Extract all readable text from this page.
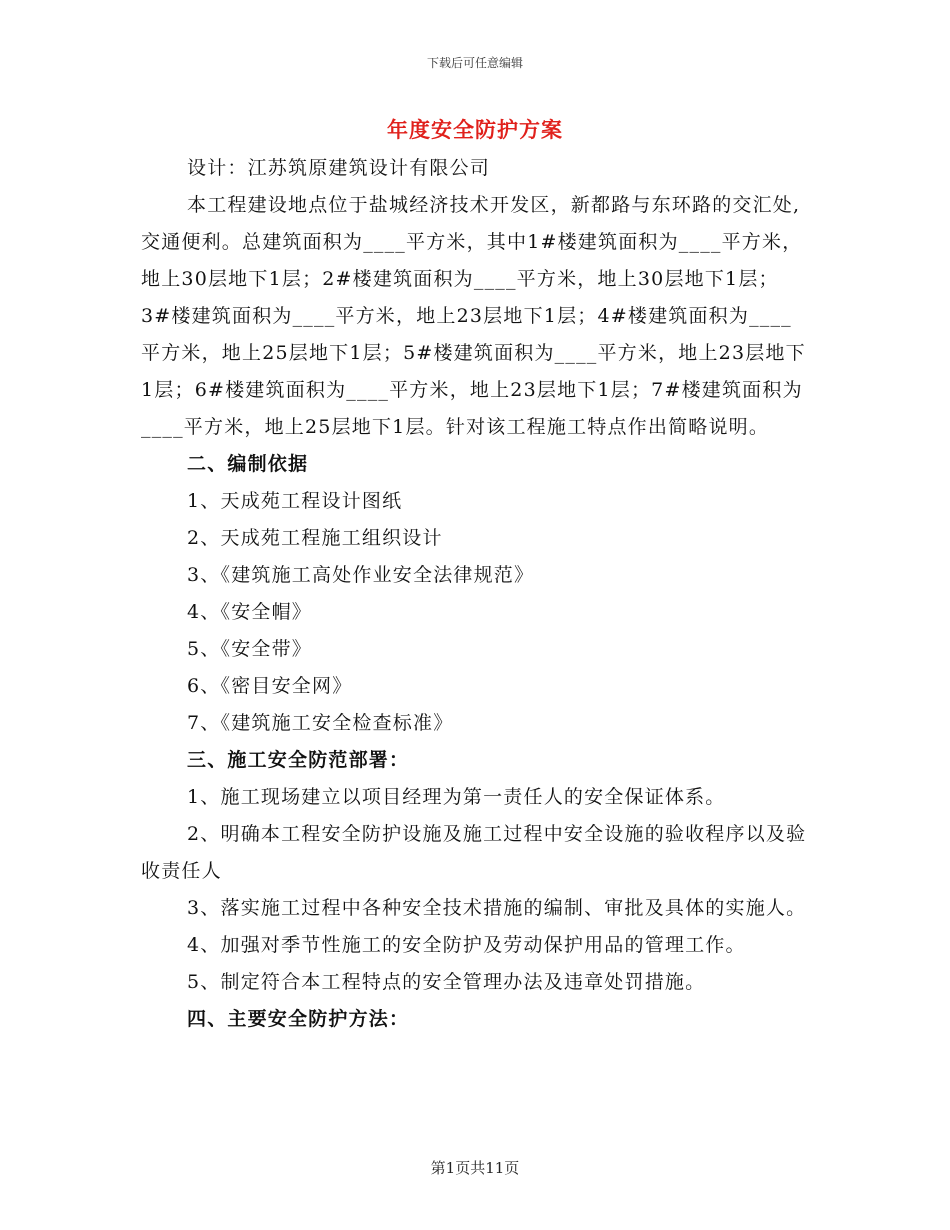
下载后可任意编辑
年度安全防护方案

设计：江苏筑原建筑设计有限公司

本工程建设地点位于盐城经济技术开发区，新都路与东环路的交汇处,交通便利。总建筑面积为____平方米，其中1#楼建筑面积为____平方米，地上30层地下1层；2#楼建筑面积为____平方米，地上30层地下1层；3#楼建筑面积为____平方米，地上23层地下1层；4#楼建筑面积为____平方米，地上25层地下1层；5#楼建筑面积为____平方米，地上23层地下1层；6#楼建筑面积为____平方米，地上23层地下1层；7#楼建筑面积为____平方米，地上25层地下1层。针对该工程施工特点作出简略说明。

二、编制依据

1、天成苑工程设计图纸

2、天成苑工程施工组织设计

3、《建筑施工高处作业安全法律规范》

4、《安全帽》

5、《安全带》

6、《密目安全网》

7、《建筑施工安全检查标准》

三、施工安全防范部署：

1、施工现场建立以项目经理为第一责任人的安全保证体系。

2、明确本工程安全防护设施及施工过程中安全设施的验收程序以及验收责任人

3、落实施工过程中各种安全技术措施的编制、审批及具体的实施人。

4、加强对季节性施工的安全防护及劳动保护用品的管理工作。

5、制定符合本工程特点的安全管理办法及违章处罚措施。

四、主要安全防护方法：

第1页共11页
